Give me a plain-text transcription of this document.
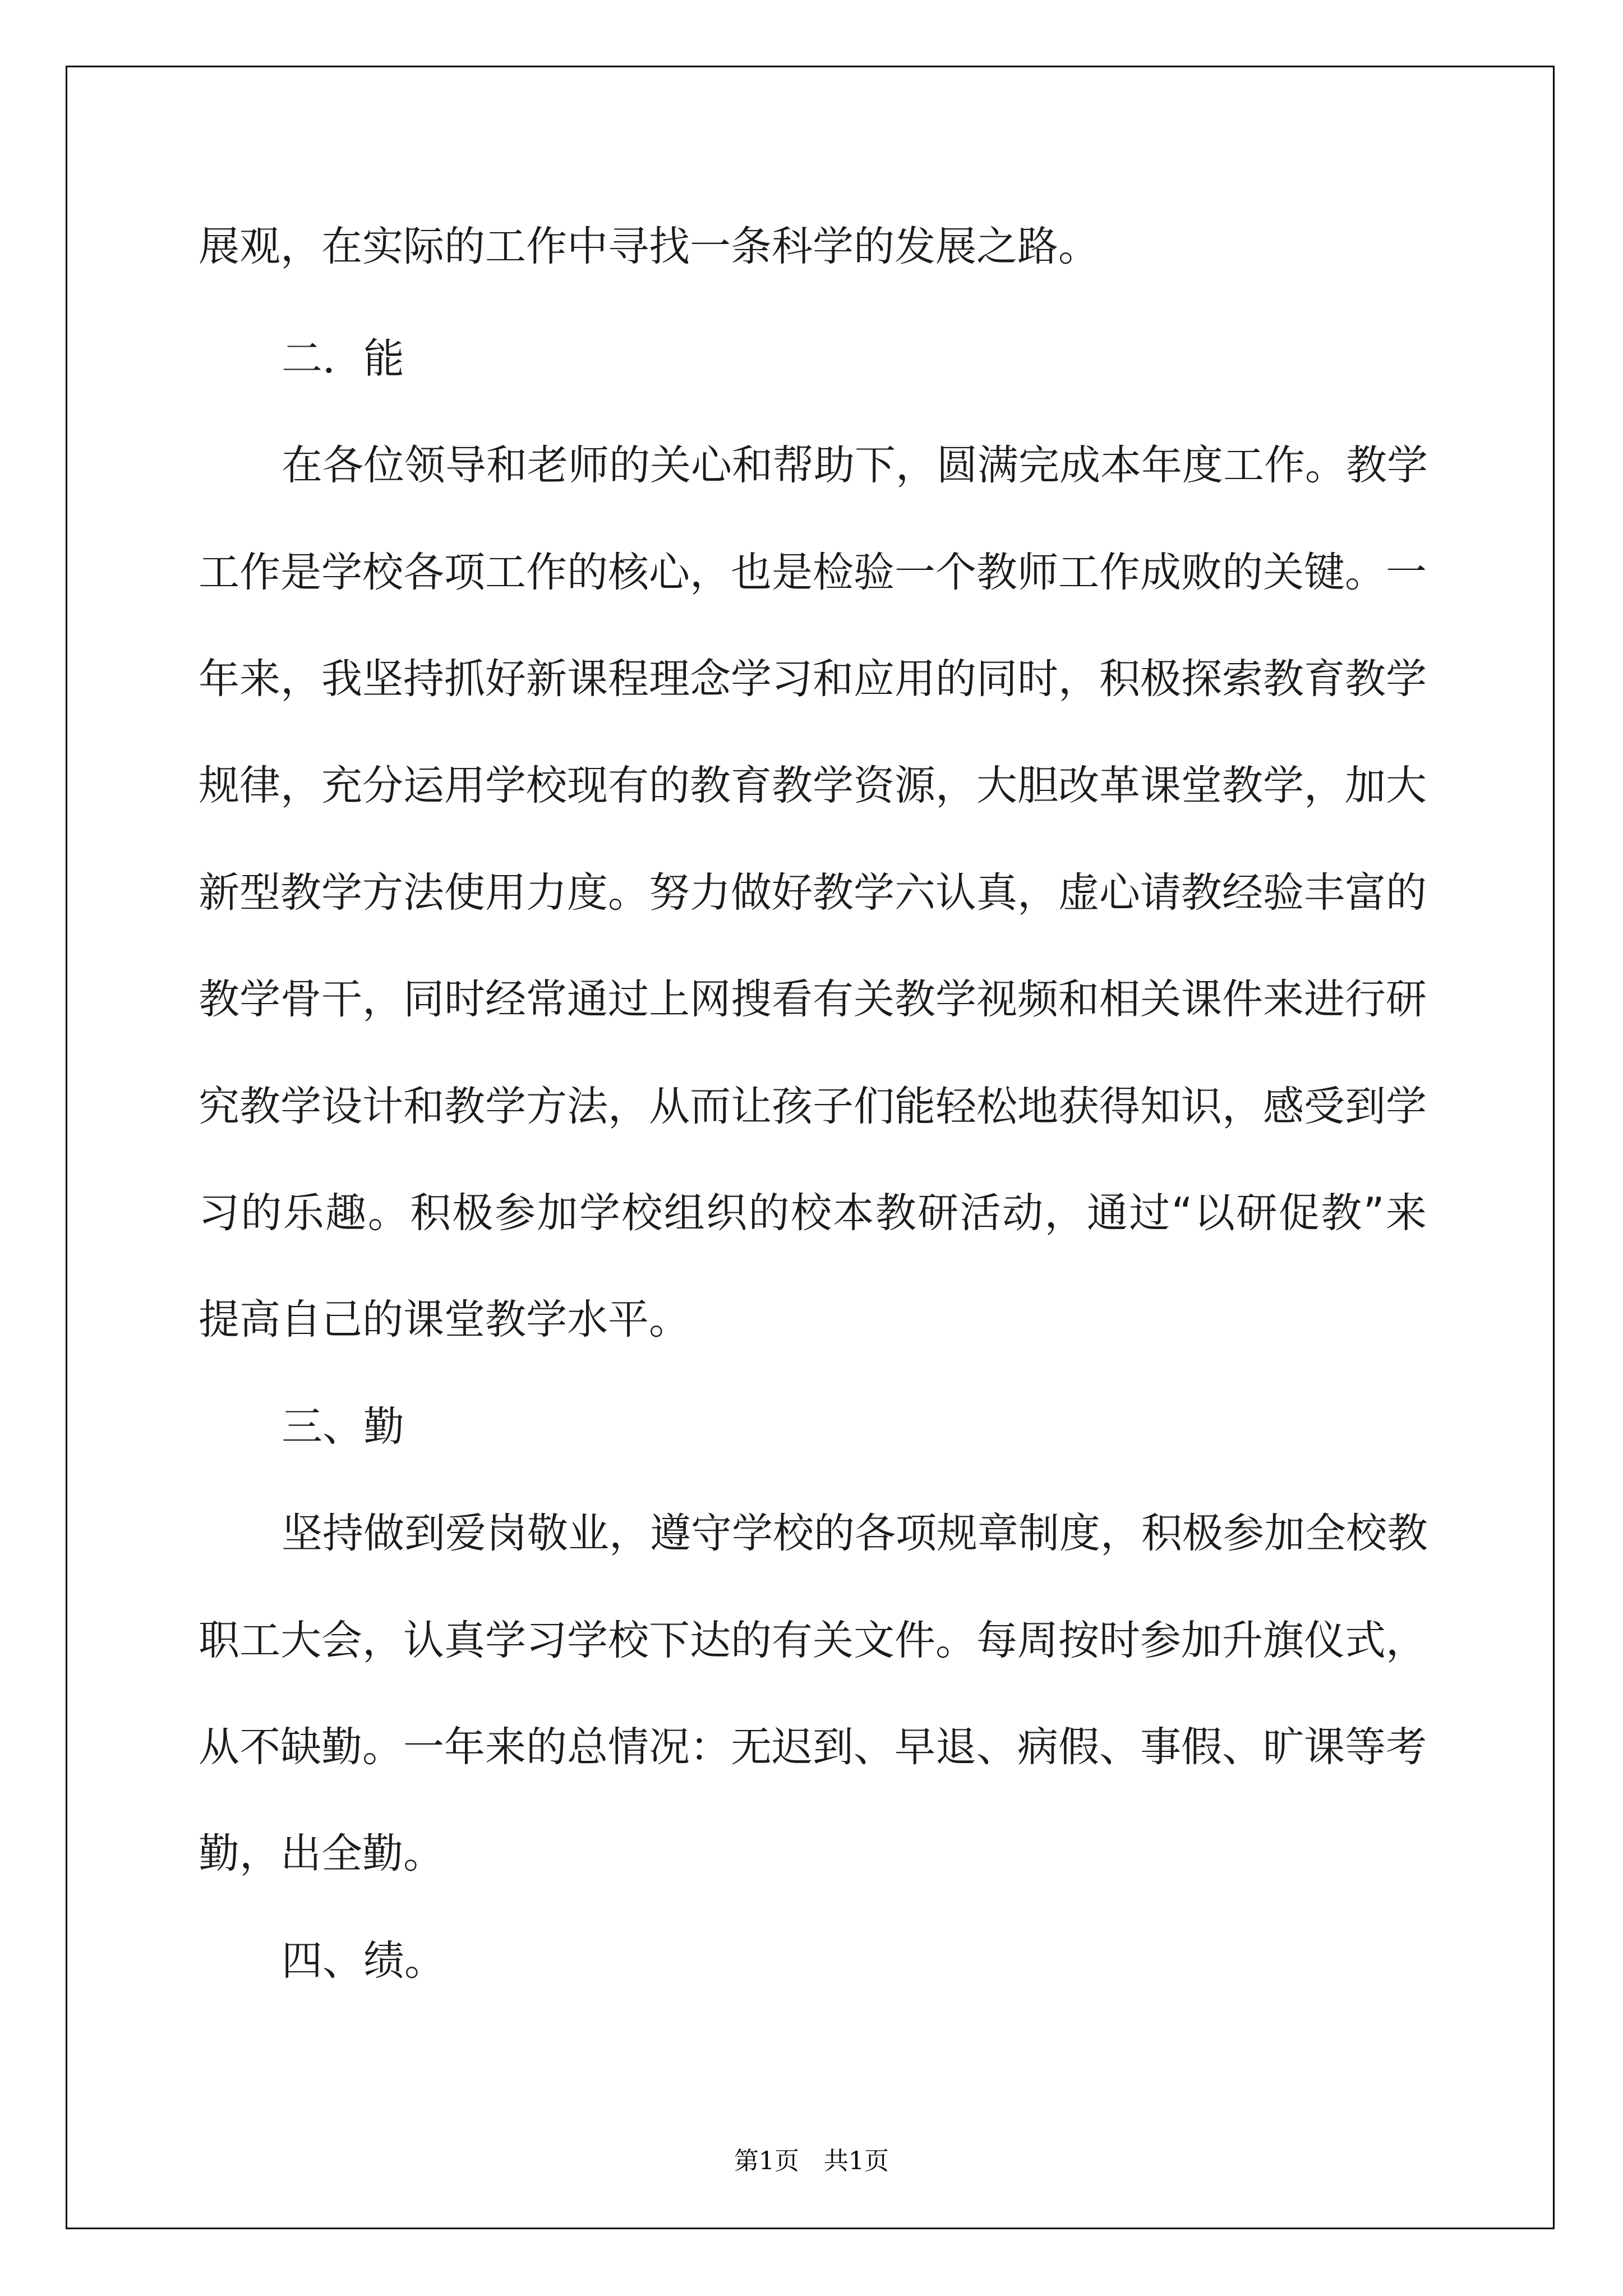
展观，在实际的工作中寻找一条科学的发展之路。
二．能
在各位领导和老师的关心和帮助下，圆满完成本年度工作。教学
工作是学校各项工作的核心，也是检验一个教师工作成败的关键。一
年来，我坚持抓好新课程理念学习和应用的同时，积极探索教育教学
规律，充分运用学校现有的教育教学资源，大胆改革课堂教学，加大
新型教学方法使用力度。努力做好教学六认真，虚心请教经验丰富的
教学骨干，同时经常通过上网搜看有关教学视频和相关课件来进行研
究教学设计和教学方法，从而让孩子们能轻松地获得知识，感受到学
习的乐趣。积极参加学校组织的校本教研活动，通过“以研促教”来
提高自己的课堂教学水平。
三、勤
坚持做到爱岗敬业，遵守学校的各项规章制度，积极参加全校教
职工大会，认真学习学校下达的有关文件。每周按时参加升旗仪式，
从不缺勤。一年来的总情况：无迟到、早退、病假、事假、旷课等考
勤，出全勤。
四、绩。
第1页　共1页
